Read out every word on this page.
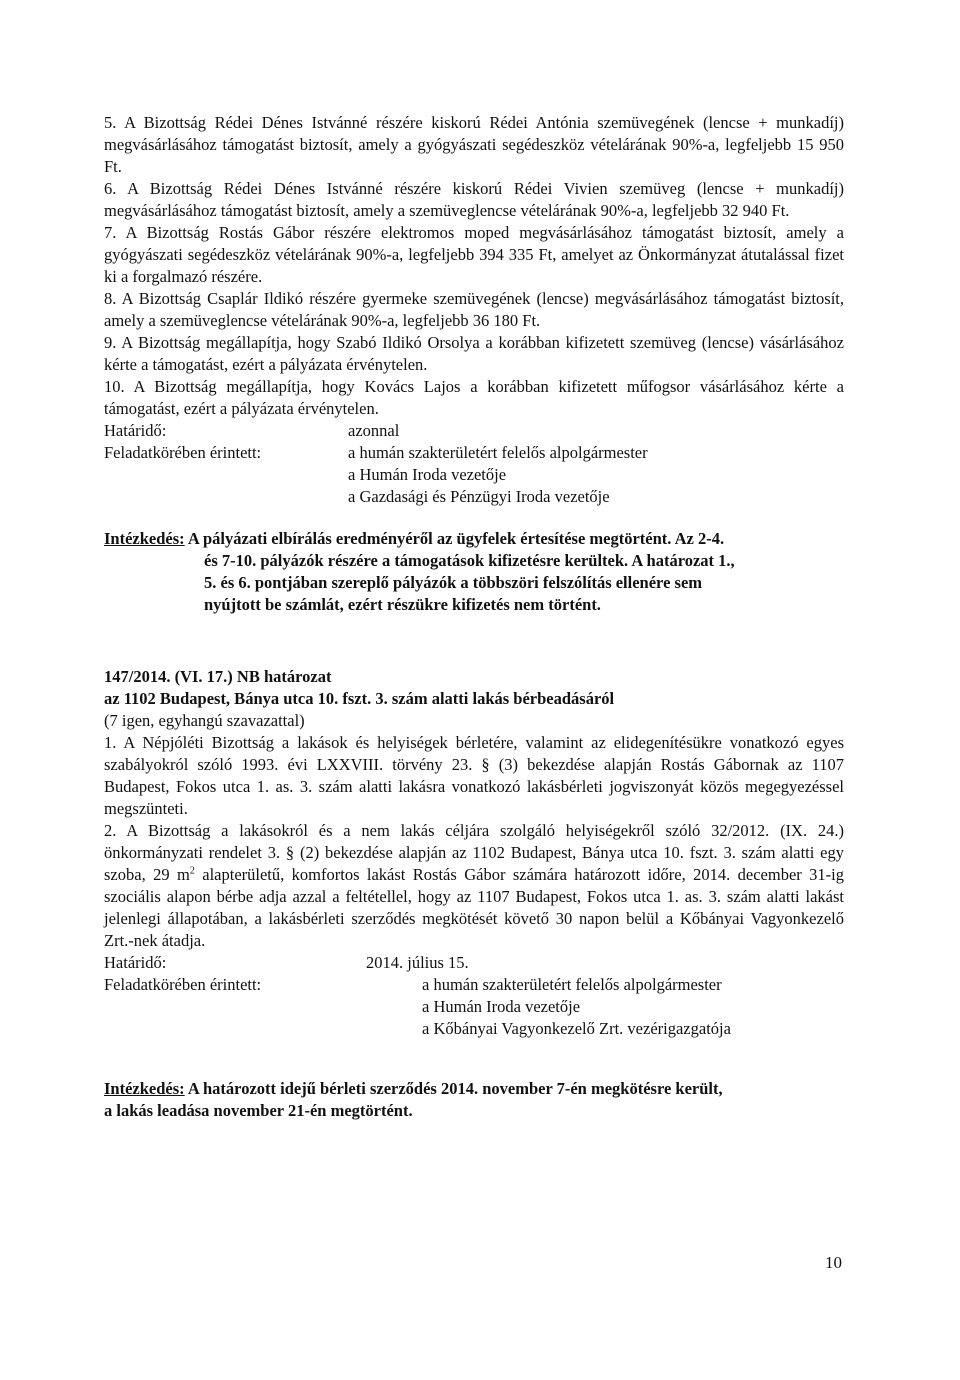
5. A Bizottság Rédei Dénes Istvánné részére kiskorú Rédei Antónia szemüvegének (lencse + munkadíj) megvásárlásához támogatást biztosít, amely a gyógyászati segédeszköz vételárának 90%-a, legfeljebb 15 950 Ft.

6. A Bizottság Rédei Dénes Istvánné részére kiskorú Rédei Vivien szemüveg (lencse + munkadíj) megvásárlásához támogatást biztosít, amely a szemüveglencse vételárának 90%-a, legfeljebb 32 940 Ft.

7. A Bizottság Rostás Gábor részére elektromos moped megvásárlásához támogatást biztosít, amely a gyógyászati segédeszköz vételárának 90%-a, legfeljebb 394 335 Ft, amelyet az Önkormányzat átutalással fizet ki a forgalmazó részére.

8. A Bizottság Csaplár Ildikó részére gyermeke szemüvegének (lencse) megvásárlásához támogatást biztosít, amely a szemüveglencse vételárának 90%-a, legfeljebb 36 180 Ft.

9. A Bizottság megállapítja, hogy Szabó Ildikó Orsolya a korábban kifizetett szemüveg (lencse) vásárlásához kérte a támogatást, ezért a pályázata érvénytelen.

10. A Bizottság megállapítja, hogy Kovács Lajos a korábban kifizetett műfogsor vásárlásához kérte a támogatást, ezért a pályázata érvénytelen.

Határidő:	azonnal
Feladatkörében érintett:	a humán szakterületért felelős alpolgármester
a Humán Iroda vezetője
a Gazdasági és Pénzügyi Iroda vezetője
Intézkedés: A pályázati elbírálás eredményéről az ügyfelek értesítése megtörtént. Az 2-4.
és 7-10. pályázók részére a támogatások kifizetésre kerültek. A határozat 1.,
5. és 6. pontjában szereplő pályázók a többszöri felszólítás ellenére sem
nyújtott be számlát, ezért részükre kifizetés nem történt.
147/2014. (VI. 17.) NB határozat
az 1102 Budapest, Bánya utca 10. fszt. 3. szám alatti lakás bérbeadásáról
(7 igen, egyhangú szavazattal)

1. A Népjóléti Bizottság a lakások és helyiségek bérletére, valamint az elidegenítésükre vonatkozó egyes szabályokról szóló 1993. évi LXXVIII. törvény 23. § (3) bekezdése alapján Rostás Gábornak az 1107 Budapest, Fokos utca 1. as. 3. szám alatti lakásra vonatkozó lakásbérleti jogviszonyát közös megegyezéssel megszünteti.

2. A Bizottság a lakásokról és a nem lakás céljára szolgáló helyiségekről szóló 32/2012. (IX. 24.) önkormányzati rendelet 3. § (2) bekezdése alapján az 1102 Budapest, Bánya utca 10. fszt. 3. szám alatti egy szoba, 29 $m^2$ alapterületű, komfortos lakást Rostás Gábor számára határozott időre, 2014. december 31-ig szociális alapon bérbe adja azzal a feltétellel, hogy az 1107 Budapest, Fokos utca 1. as. 3. szám alatti lakást jelenlegi állapotában, a lakásbérleti szerződés megkötését követő 30 napon belül a Kőbányai Vagyonkezelő Zrt.-nek átadja.

Határidő:	2014. július 15.
Feladatkörében érintett:	a humán szakterületért felelős alpolgármester
a Humán Iroda vezetője
a Kőbányai Vagyonkezelő Zrt. vezérigazgatója
Intézkedés: A határozott idejű bérleti szerződés 2014. november 7-én megkötésre került,
a lakás leadása november 21-én megtörtént.
10
